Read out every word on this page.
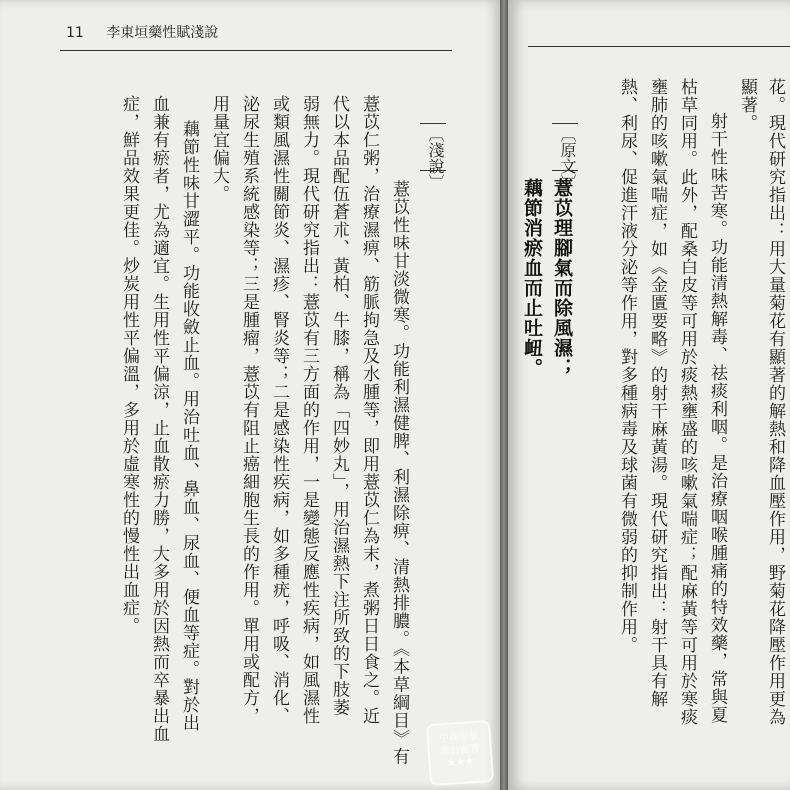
11 李東垣藥性賦淺說
〔淺說〕
薏苡性味甘淡微寒。功能利濕健脾、利濕除痹、清熱排膿。《本草綱目》有
薏苡仁粥，治療濕痹、筋脈拘急及水腫等，即用薏苡仁為末，煮粥日日食之。近
代以本品配伍蒼朮、黃柏、牛膝，稱為「四妙丸」，用治濕熱下注所致的下肢萎
弱無力。現代研究指出：薏苡有三方面的作用，一是變態反應性疾病，如風濕性
或類風濕性關節炎、濕疹、腎炎等；二是感染性疾病，如多種疣，呼吸、消化、
泌尿生殖系統感染等；三是腫瘤，薏苡有阻止癌細胞生長的作用。單用或配方，
用量宜偏大。
藕節性味甘澀平。功能收斂止血。用治吐血、鼻血、尿血、便血等症。對於出
血兼有瘀者，尤為適宜。生用性平偏涼，止血散瘀力勝，大多用於因熱而卒暴出血
症，鮮品效果更佳。炒炭用性平偏溫，多用於虛寒性的慢性出血症。
中商原版
港台圖書
★★★
花。現代研究指出：用大量菊花有顯著的解熱和降血壓作用，野菊花降壓作用更為
顯著。
射干性味苦寒。功能清熱解毒、祛痰利咽。是治療咽喉腫痛的特效藥，常與夏
枯草同用。此外，配桑白皮等可用於痰熱壅盛的咳嗽氣喘症；配麻黃等可用於寒痰
壅肺的咳嗽氣喘症，如《金匱要略》的射干麻黃湯。現代研究指出：射干具有解
熱、利尿、促進汗液分泌等作用，對多種病毒及球菌有微弱的抑制作用。
〔原文〕
薏苡理腳氣而除風濕；
藕節消瘀血而止吐衄。
